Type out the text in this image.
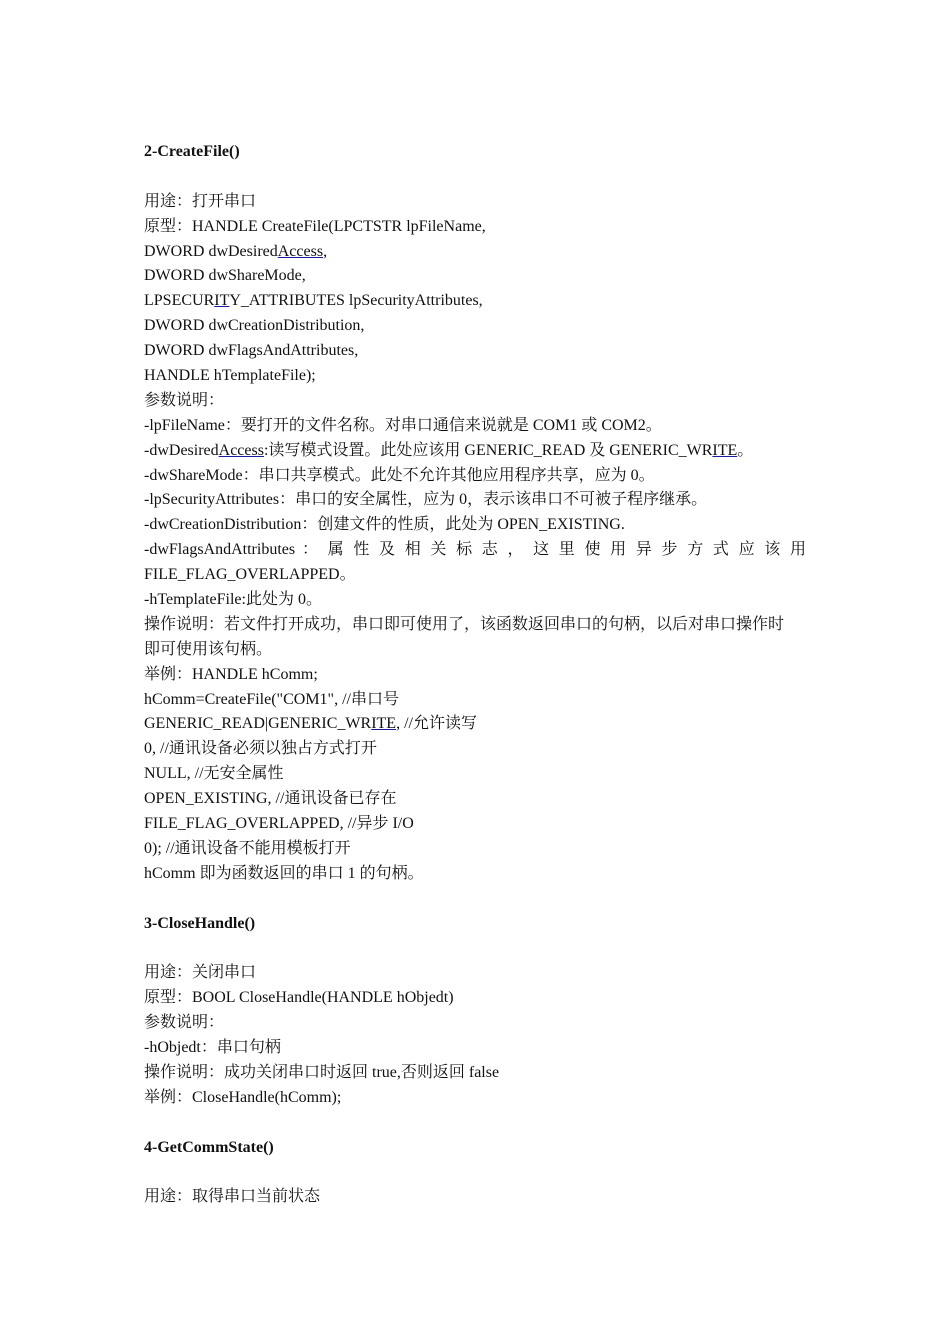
2-CreateFile()
用途：打开串口
原型：HANDLE CreateFile(LPCTSTR lpFileName,
DWORD dwDesiredAccess,
DWORD dwShareMode,
LPSECURITY_ATTRIBUTES lpSecurityAttributes,
DWORD dwCreationDistribution,
DWORD dwFlagsAndAttributes,
HANDLE hTemplateFile);
参数说明：
-lpFileName：要打开的文件名称。对串口通信来说就是 COM1 或 COM2。
-dwDesiredAccess:读写模式设置。此处应该用 GENERIC_READ 及 GENERIC_WRITE。
-dwShareMode：串口共享模式。此处不允许其他应用程序共享，应为 0。
-lpSecurityAttributes：串口的安全属性，应为 0，表示该串口不可被子程序继承。
-dwCreationDistribution：创建文件的性质，此处为 OPEN_EXISTING.
-dwFlagsAndAttributes ： 属 性 及 相 关 标 志 ， 这 里 使 用 异 步 方 式 应 该 用
FILE_FLAG_OVERLAPPED。
-hTemplateFile:此处为 0。
操作说明：若文件打开成功，串口即可使用了，该函数返回串口的句柄，以后对串口操作时
即可使用该句柄。
举例：HANDLE hComm;
hComm=CreateFile("COM1", //串口号
GENERIC_READ|GENERIC_WRITE, //允许读写
0, //通讯设备必须以独占方式打开
NULL, //无安全属性
OPEN_EXISTING, //通讯设备已存在
FILE_FLAG_OVERLAPPED, //异步 I/O
0); //通讯设备不能用模板打开
hComm 即为函数返回的串口 1 的句柄。
3-CloseHandle()
用途：关闭串口
原型：BOOL CloseHandle(HANDLE hObjedt)
参数说明：
-hObjedt：串口句柄
操作说明：成功关闭串口时返回 true,否则返回 false
举例：CloseHandle(hComm);
4-GetCommState()
用途：取得串口当前状态
